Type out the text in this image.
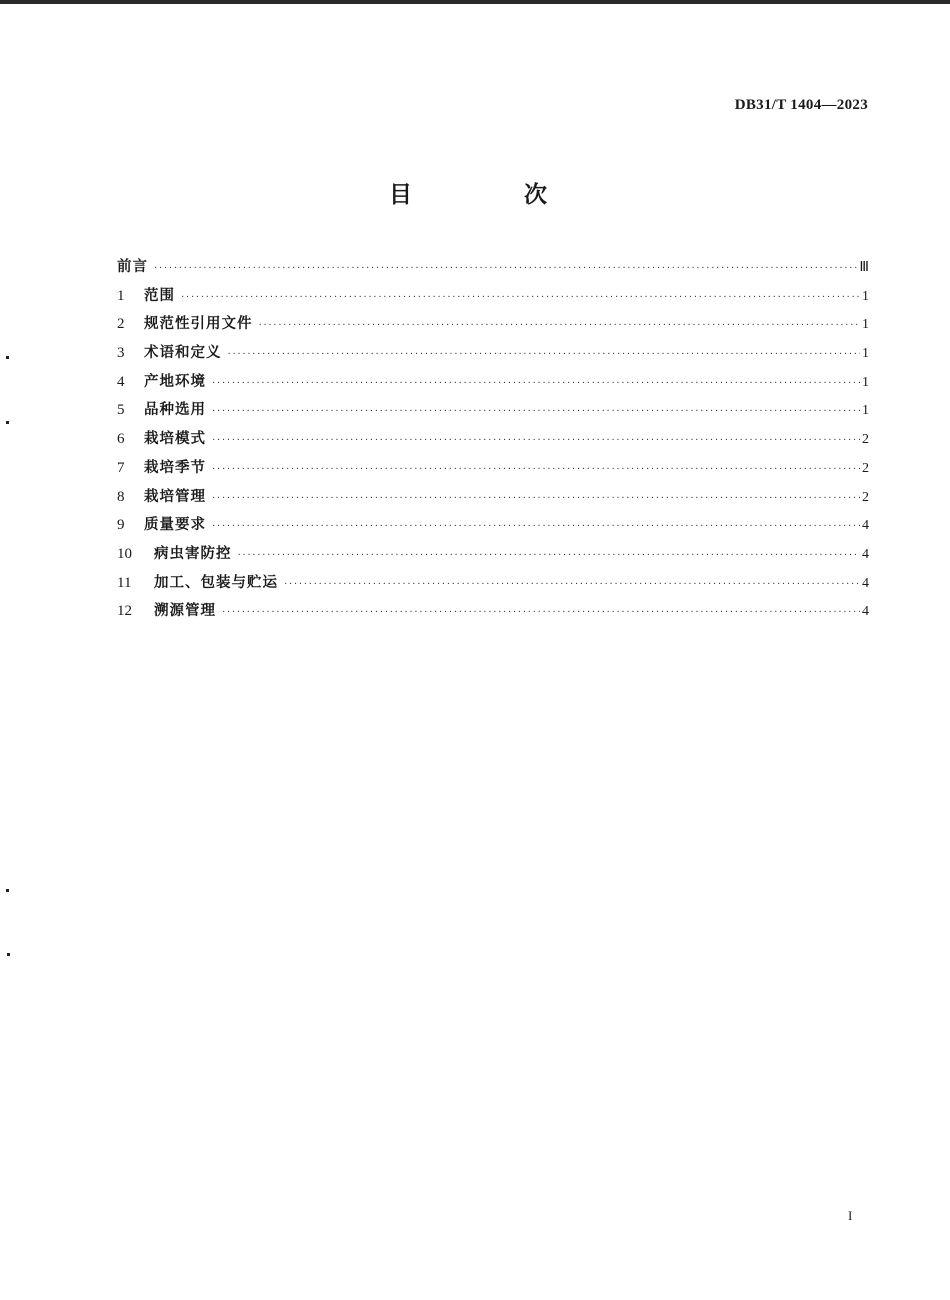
DB31/T 1404—2023
目 次
前言 ·····	Ⅲ
1	范围 ·····	1
2	规范性引用文件 ·····	1
3	术语和定义 ·····	1
4	产地环境 ·····	1
5	品种选用 ·····	1
6	栽培模式 ·····	2
7	栽培季节 ·····	2
8	栽培管理 ·····	2
9	质量要求 ·····	4
10	病虫害防控 ·····	4
11	加工、包装与贮运 ·····	4
12	溯源管理 ·····	4
I
